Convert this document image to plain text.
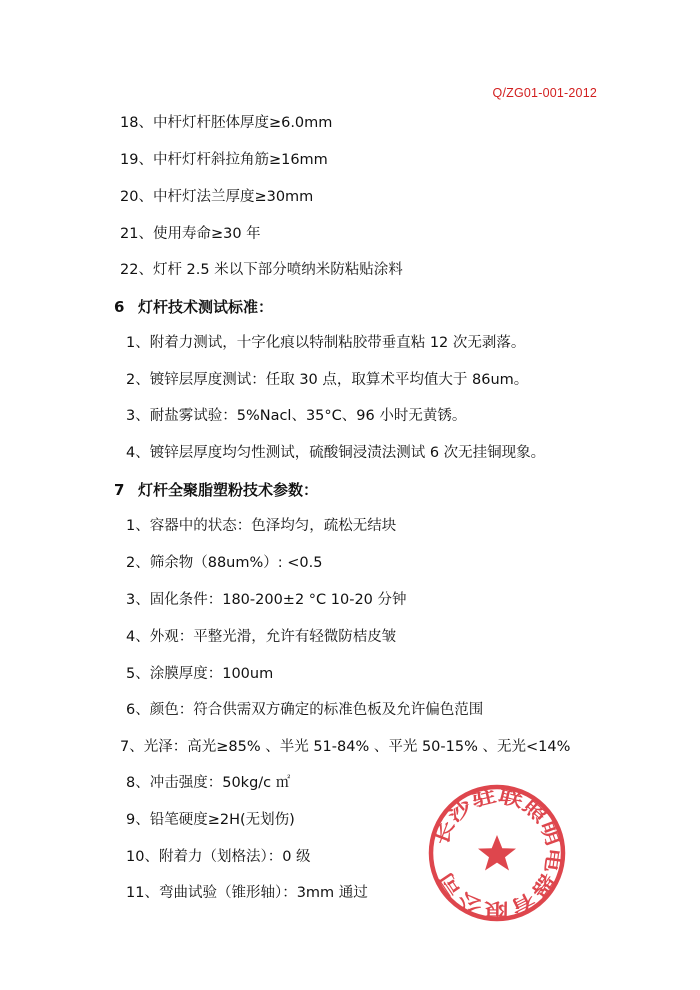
Q/ZG01-001-2012
18、中杆灯杆胚体厚度≥6.0mm
19、中杆灯杆斜拉角筋≥16mm
20、中杆灯法兰厚度≥30mm
21、使用寿命≥30 年
22、灯杆 2.5 米以下部分喷纳米防粘贴涂料
6 灯杆技术测试标准：
1、附着力测试，十字化痕以特制粘胶带垂直粘 12 次无剥落。
2、镀锌层厚度测试：任取 30 点，取算术平均值大于 86um。
3、耐盐雾试验：5%Nacl、35°C、96 小时无黄锈。
4、镀锌层厚度均匀性测试，硫酸铜浸渍法测试 6 次无挂铜现象。
7 灯杆全聚脂塑粉技术参数：
1、容器中的状态：色泽均匀，疏松无结块
2、筛余物（88um%）: <0.5
3、固化条件：180-200±2 °C 10-20 分钟
4、外观：平整光滑，允许有轻微防桔皮皱
5、涂膜厚度：100um
6、颜色：符合供需双方确定的标准色板及允许偏色范围
7、光泽：高光≥85% 、半光 51-84% 、平光 50-15% 、无光<14%
8、冲击强度：50kg/c ㎡
9、铅笔硬度≥2H(无划伤)
10、附着力（划格法）：0 级
11、弯曲试验（锥形轴）：3mm 通过
长沙驻联照明电器有限公司
